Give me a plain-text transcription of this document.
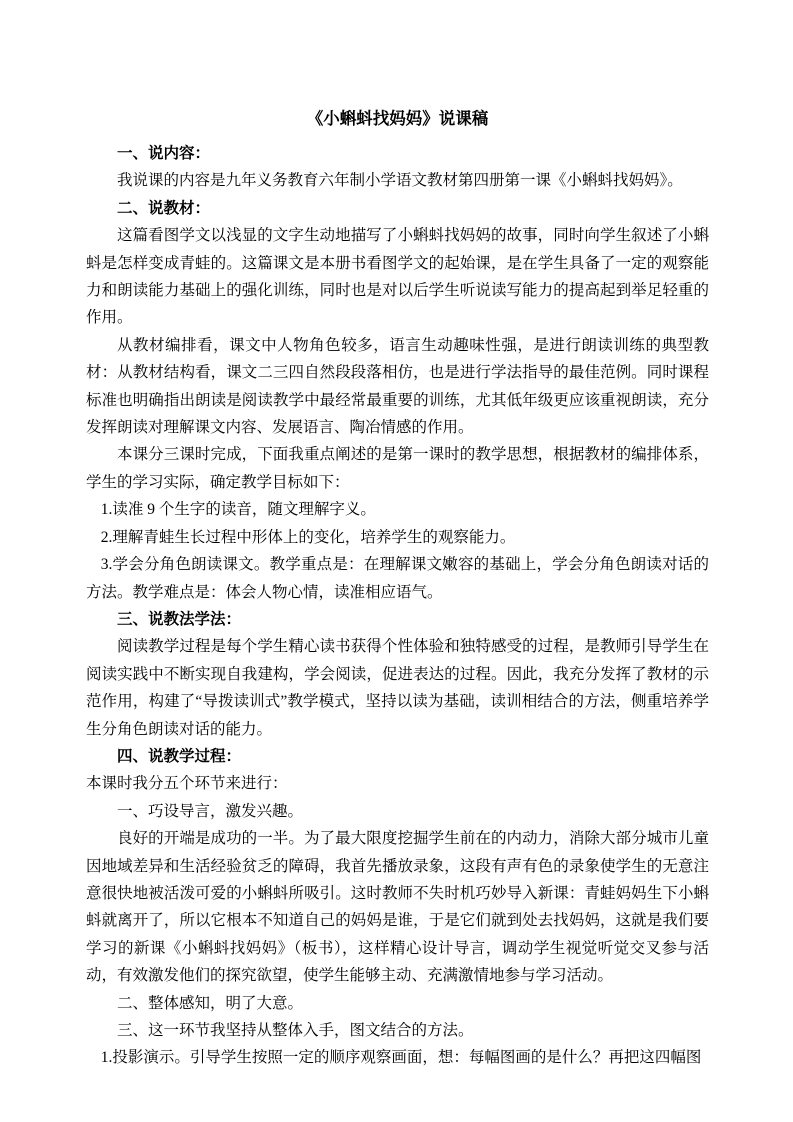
《小蝌蚪找妈妈》说课稿

一、说内容：

我说课的内容是九年义务教育六年制小学语文教材第四册第一课《小蝌蚪找妈妈》。

二、说教材：

这篇看图学文以浅显的文字生动地描写了小蝌蚪找妈妈的故事，同时向学生叙述了小蝌蚪是怎样变成青蛙的。这篇课文是本册书看图学文的起始课，是在学生具备了一定的观察能力和朗读能力基础上的强化训练，同时也是对以后学生听说读写能力的提高起到举足轻重的作用。

从教材编排看，课文中人物角色较多，语言生动趣味性强，是进行朗读训练的典型教材：从教材结构看，课文二三四自然段段落相仿，也是进行学法指导的最佳范例。同时课程标准也明确指出朗读是阅读教学中最经常最重要的训练，尤其低年级更应该重视朗读，充分发挥朗读对理解课文内容、发展语言、陶冶情感的作用。

本课分三课时完成，下面我重点阐述的是第一课时的教学思想，根据教材的编排体系，学生的学习实际，确定教学目标如下：

1.读准 9 个生字的读音，随文理解字义。

2.理解青蛙生长过程中形体上的变化，培养学生的观察能力。

3.学会分角色朗读课文。教学重点是：在理解课文嫩容的基础上，学会分角色朗读对话的方法。教学难点是：体会人物心情，读准相应语气。

三、说教法学法：

阅读教学过程是每个学生精心读书获得个性体验和独特感受的过程，是教师引导学生在阅读实践中不断实现自我建构，学会阅读，促进表达的过程。因此，我充分发挥了教材的示范作用，构建了“导拨读训式”教学模式，坚持以读为基础，读训相结合的方法，侧重培养学生分角色朗读对话的能力。

四、说教学过程：

本课时我分五个环节来进行：

一、巧设导言，激发兴趣。

良好的开端是成功的一半。为了最大限度挖掘学生前在的内动力，消除大部分城市儿童因地域差异和生活经验贫乏的障碍，我首先播放录象，这段有声有色的录象使学生的无意注意很快地被活泼可爱的小蝌蚪所吸引。这时教师不失时机巧妙导入新课：青蛙妈妈生下小蝌蚪就离开了，所以它根本不知道自己的妈妈是谁，于是它们就到处去找妈妈，这就是我们要学习的新课《小蝌蚪找妈妈》（板书），这样精心设计导言，调动学生视觉听觉交叉参与活动，有效激发他们的探究欲望，使学生能够主动、充满激情地参与学习活动。

二、整体感知，明了大意。

三、这一环节我坚持从整体入手，图文结合的方法。

1.投影演示。引导学生按照一定的顺序观察画面，想：每幅图画的是什么？再把这四幅图
